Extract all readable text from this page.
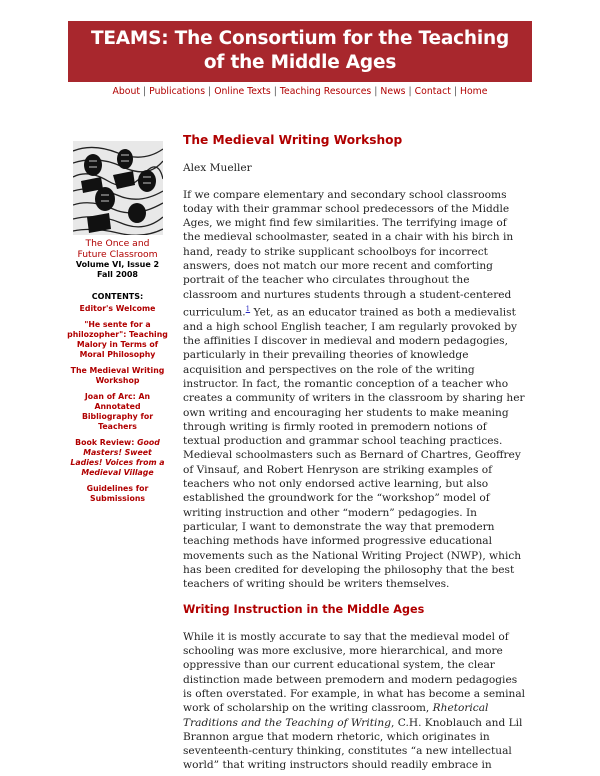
TEAMS: The Consortium for the Teaching
of the Middle Ages
About | Publications | Online Texts | Teaching Resources | News | Contact | Home
The Once and
Future Classroom
Volume VI, Issue 2
Fall 2008
CONTENTS:
Editor's Welcome
"He sente for a philozopher": Teaching Malory in Terms of Moral Philosophy
The Medieval Writing Workshop
Joan of Arc: An Annotated Bibliography for Teachers
Book Review: Good Masters! Sweet Ladies! Voices from a Medieval Village
Guidelines for Submissions
The Medieval Writing Workshop
Alex Mueller

If we compare elementary and secondary school classrooms today with their grammar school predecessors of the Middle Ages, we might find few similarities. The terrifying image of the medieval schoolmaster, seated in a chair with his birch in hand, ready to strike supplicant schoolboys for incorrect answers, does not match our more recent and comforting portrait of the teacher who circulates throughout the classroom and nurtures students through a student-centered curriculum.$^1$ Yet, as an educator trained as both a medievalist and a high school English teacher, I am regularly provoked by the affinities I discover in medieval and modern pedagogies, particularly in their prevailing theories of knowledge acquisition and perspectives on the role of the writing instructor. In fact, the romantic conception of a teacher who creates a community of writers in the classroom by sharing her own writing and encouraging her students to make meaning through writing is firmly rooted in premodern notions of textual production and grammar school teaching practices. Medieval schoolmasters such as Bernard of Chartres, Geoffrey of Vinsauf, and Robert Henryson are striking examples of teachers who not only endorsed active learning, but also established the groundwork for the “workshop” model of writing instruction and other “modern” pedagogies. In particular, I want to demonstrate the way that premodern teaching methods have informed progressive educational movements such as the National Writing Project (NWP), which has been credited for developing the philosophy that the best teachers of writing should be writers themselves.

Writing Instruction in the Middle Ages

While it is mostly accurate to say that the medieval model of schooling was more exclusive, more hierarchical, and more oppressive than our current educational system, the clear distinction made between premodern and modern pedagogies is often overstated. For example, in what has become a seminal work of scholarship on the writing classroom, Rhetorical Traditions and the Teaching of Writing, C.H. Knoblauch and Lil Brannon argue that modern rhetoric, which originates in seventeenth-century thinking, constitutes “a new intellectual world” that writing instructors should readily embrace in
